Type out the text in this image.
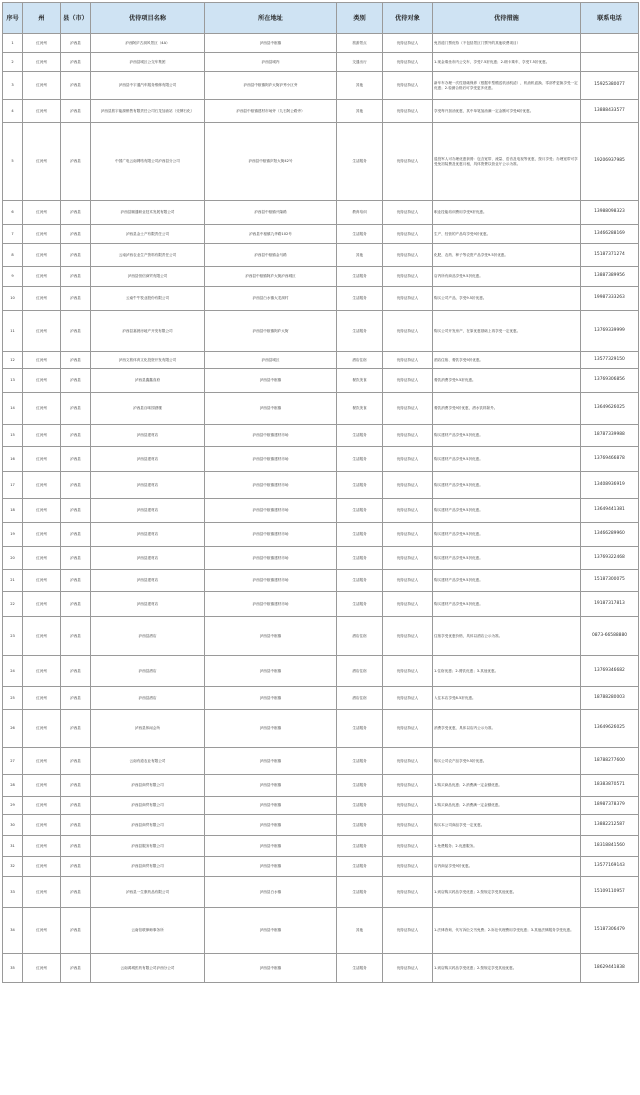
序号	州	县（市）	优待项目名称	所在地址	类别	优待对象	优待措施	联系电话
1	红河州	泸西县	泸西阿庐古洞风景区（4A）	泸西县中枢镇	旅游景点	优待证持证人	免首道门票优待（不包括景区门票外的其他收费项目）	
2	红河州	泸西县	泸西县城区公交车集团	泸西县城内	交通出行	优待证持证人	1.现金乘坐市内公交车，享受7.5折优惠；2.刷卡乘车，享受7.5折优惠。	
3	红河州	泸西县	泸西县中宇通汽车服务维修有限公司	泸西县中枢镇阿庐大街泸秀小区旁	其他	优待证持证人	新车车办理一次性基础保养（根据车型赠送机油机滤），机油机滤换、零部件更换享受一定优惠；2.检测合格后可享受更多优惠。	15925380077
4	红河州	泸西县	泸西县旅宇能源销售有限责任公司石龙加油站（壳牌石化）	泸西县中枢镇建材市场旁（九石阿公路旁）	其他	优待证持证人	享受每升加油优惠，其中单笔加油满一定金额可享受6折优惠。	13888433577
5	红河州	泸西县	中国广电云南网络有限公司泸西县分公司	泸西县中枢镇庐阳大街42号	生活服务	优待证持证人	退役军人可办理优惠套餐：包含宽带、流量、语音及电视等优惠，按月享受；办理宽带可享受免初装费及优惠月租，具体资费以营业厅公示为准。	19206937985
6	红河州	泸西县	泸西县顺通职业技术发展有限公司	泸西县中枢镇兴隆路	教育培训	优待证持证人	职业技能培训费用享受9折优惠。	13988098323
7	红河州	泸西县	泸西县金土产有限责任公司	泸西县中枢镇九华路102号	生活服务	优待证持证人	生产、经营的产品均享受9折优惠。	13466288169
8	红河州	泸西县	云南泸西农业生产资料有限责任公司	泸西县中枢镇金马路	其他	优待证持证人	化肥、农药、种子等农资产品享受9.5折优惠。	15187371274
9	红河州	泸西县	泸西县恒信商贸有限公司	泸西县中枢镇阿庐大街泸西城区	生活服务	优待证持证人	店内所有商品享受9.5折优惠。	13887389956
10	红河州	泸西县	云南牛牛牧业股份有限公司	泸西县白水镇大龙洞村	生活服务	优待证持证人	购买公司产品，享受9.5折优惠。	19987333263
11	红河州	泸西县	泸西县嘉晨房地产开发有限公司	泸西县中枢镇阿庐大街	生活服务	优待证持证人	购买公司开发房产，在原优惠基础上再享受一定优惠。	13769339999
12	红河州	泸西县	泸西文旅体育文化投资开发有限公司	泸西县城区	酒店住宿	优待证持证人	酒店住宿、餐饮享受9折优惠。	13577329150
13	红河州	泸西县	泸西县鑫鑫食府	泸西县中枢镇	餐饮美食	优待证持证人	餐饮消费享受9.5折优惠。	13769306856
14	红河州	泸西县	泸西县百味园酒楼	泸西县中枢镇	餐饮美食	优待证持证人	餐饮消费享受9折优惠，酒水饮料除外。	13649626025
15	红河州	泸西县	泸西县建材店	泸西县中枢镇建材市场	生活服务	优待证持证人	购买建材产品享受9.5折优惠。	18787339988
16	红河州	泸西县	泸西县建材店	泸西县中枢镇建材市场	生活服务	优待证持证人	购买建材产品享受9.5折优惠。	13769466878
17	红河州	泸西县	泸西县建材店	泸西县中枢镇建材市场	生活服务	优待证持证人	购买建材产品享受9.5折优惠。	13408936919
18	红河州	泸西县	泸西县建材店	泸西县中枢镇建材市场	生活服务	优待证持证人	购买建材产品享受9.5折优惠。	13649441381
19	红河州	泸西县	泸西县建材店	泸西县中枢镇建材市场	生活服务	优待证持证人	购买建材产品享受9.5折优惠。	13466289960
20	红河州	泸西县	泸西县建材店	泸西县中枢镇建材市场	生活服务	优待证持证人	购买建材产品享受9.5折优惠。	13769322468
21	红河州	泸西县	泸西县建材店	泸西县中枢镇建材市场	生活服务	优待证持证人	购买建材产品享受9.5折优惠。	15187300075
22	红河州	泸西县	泸西县建材店	泸西县中枢镇建材市场	生活服务	优待证持证人	购买建材产品享受9.5折优惠。	19187317813
23	红河州	泸西县	泸西县酒店	泸西县中枢镇	酒店住宿	优待证持证人	住宿享受优惠价格，具体以酒店公示为准。	0873-66588880
24	红河州	泸西县	泸西县酒店	泸西县中枢镇	酒店住宿	优待证持证人	1.住宿优惠；2.餐饮优惠；3.其他优惠。	13769346682
25	红河州	泸西县	泸西县酒店	泸西县中枢镇	酒店住宿	优待证持证人	入住本店享受8.5折优惠。	18788280003
26	红河州	泸西县	泸西县休闲会所	泸西县中枢镇	生活服务	优待证持证人	消费享受优惠，具体以店内公示为准。	13649626025
27	红河州	泸西县	云南有道农业有限公司	泸西县中枢镇	生活服务	优待证持证人	购买公司农产品享受9.5折优惠。	18788277600
28	红河州	泸西县	泸西县商贸有限公司	泸西县中枢镇	生活服务	优待证持证人	1.购买商品优惠；2.消费满一定金额优惠。	18383870571
29	红河州	泸西县	泸西县商贸有限公司	泸西县中枢镇	生活服务	优待证持证人	1.购买商品优惠；2.消费满一定金额优惠。	18987378379
30	红河州	泸西县	泸西县商贸有限公司	泸西县中枢镇	生活服务	优待证持证人	购买本公司商品享受一定优惠。	13882212587
31	红河州	泸西县	泸西县服务有限公司	泸西县中枢镇	生活服务	优待证持证人	1.免费服务；2.优惠服务。	18318841560
32	红河州	泸西县	泸西县商贸有限公司	泸西县中枢镇	生活服务	优待证持证人	店内商品享受9折优惠。	13577169143
33	红河州	泸西县	泸西县一生康药品有限公司	泸西县白水镇	生活服务	优待证持证人	1.到店购买药品享受优惠；2.按规定享受其他优惠。	15109110957
34	红河州	泸西县	云南信联律师事务所	泸西县中枢镇	其他	优待证持证人	1.法律咨询、代写诉讼文书免费；2.诉讼代理费用享受优惠；3.其他法律服务享受优惠。	15187306479
35	红河州	泸西县	云南鸿城医药有限公司泸西分公司	泸西县中枢镇	生活服务	优待证持证人	1.到店购买药品享受优惠；2.按规定享受其他优惠。	18629441838
